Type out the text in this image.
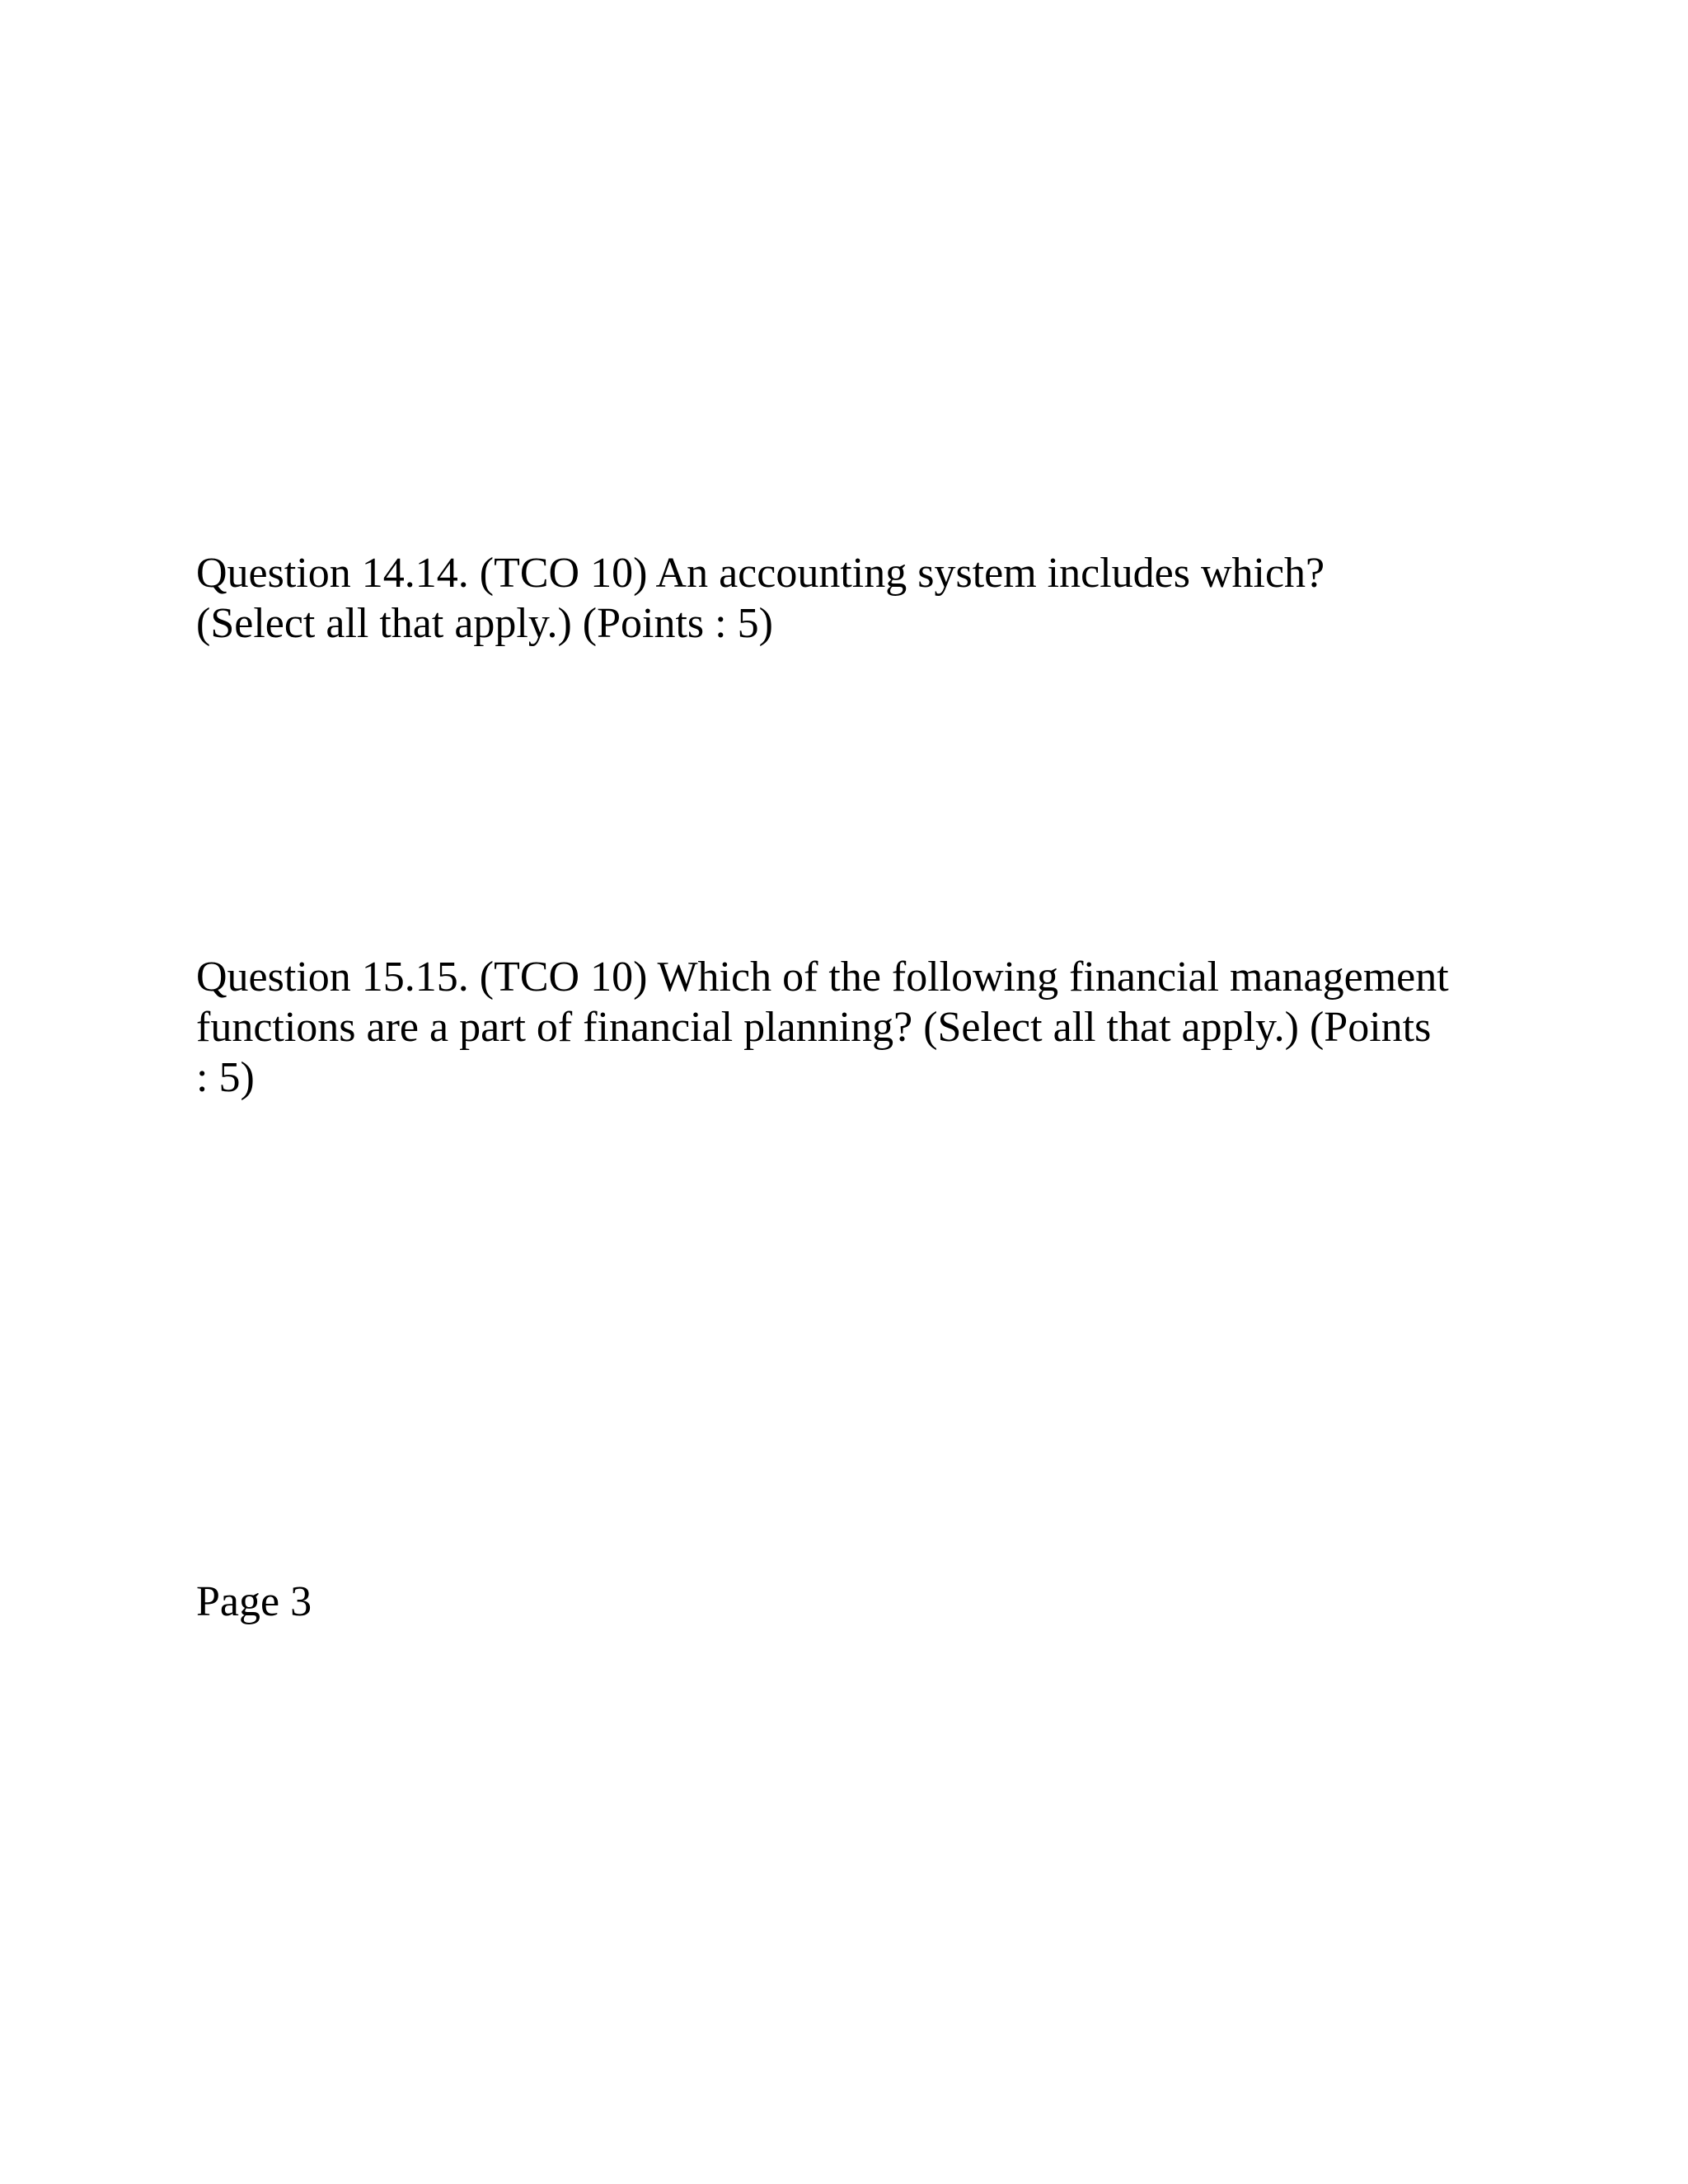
Question 14.14. (TCO 10) An accounting system includes which?
(Select all that apply.) (Points : 5)
Question 15.15. (TCO 10) Which of the following financial management
functions are a part of financial planning? (Select all that apply.) (Points
: 5)
Page 3
